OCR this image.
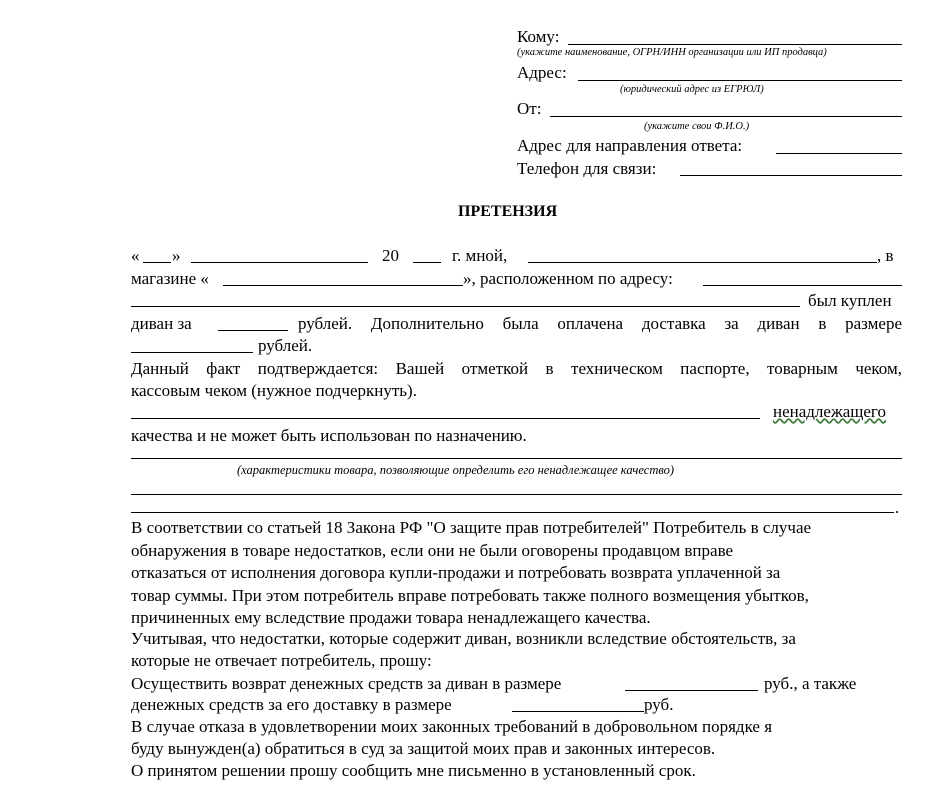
Кому:
(укажите наименование, ОГРН/ИНН организации или ИП продавца)
Адрес:
(юридический адрес из ЕГРЮЛ)
От:
(укажите свои Ф.И.О.)
Адрес для направления ответа:
Телефон для связи:
ПРЕТЕНЗИЯ
« »	20	г. мной,	, в
магазине «	», расположенном по адресу:
был куплен
диван за	рублей. Дополнительно была оплачена доставка за диван в размере
рублей.
Данный факт подтверждается: Вашей отметкой в техническом паспорте, товарным чеком,
кассовым чеком (нужное подчеркнуть).
ненадлежащего
качества и не может быть использован по назначению.
(характеристики товара, позволяющие определить его ненадлежащее качество)
.
В соответствии со статьей 18 Закона РФ "О защите прав потребителей" Потребитель в случае
обнаружения в товаре недостатков, если они не были оговорены продавцом вправе
отказаться от исполнения договора купли-продажи и потребовать возврата уплаченной за
товар суммы. При этом потребитель вправе потребовать также полного возмещения убытков,
причиненных ему вследствие продажи товара ненадлежащего качества.
Учитывая, что недостатки, которые содержит диван, возникли вследствие обстоятельств, за
которые не отвечает потребитель, прошу:
Осуществить возврат денежных средств за диван в размере	руб., а также
денежных средств за его доставку в размере	руб.
В случае отказа в удовлетворении моих законных требований в добровольном порядке я
буду вынужден(а) обратиться в суд за защитой моих прав и законных интересов.
О принятом решении прошу сообщить мне письменно в установленный срок.
